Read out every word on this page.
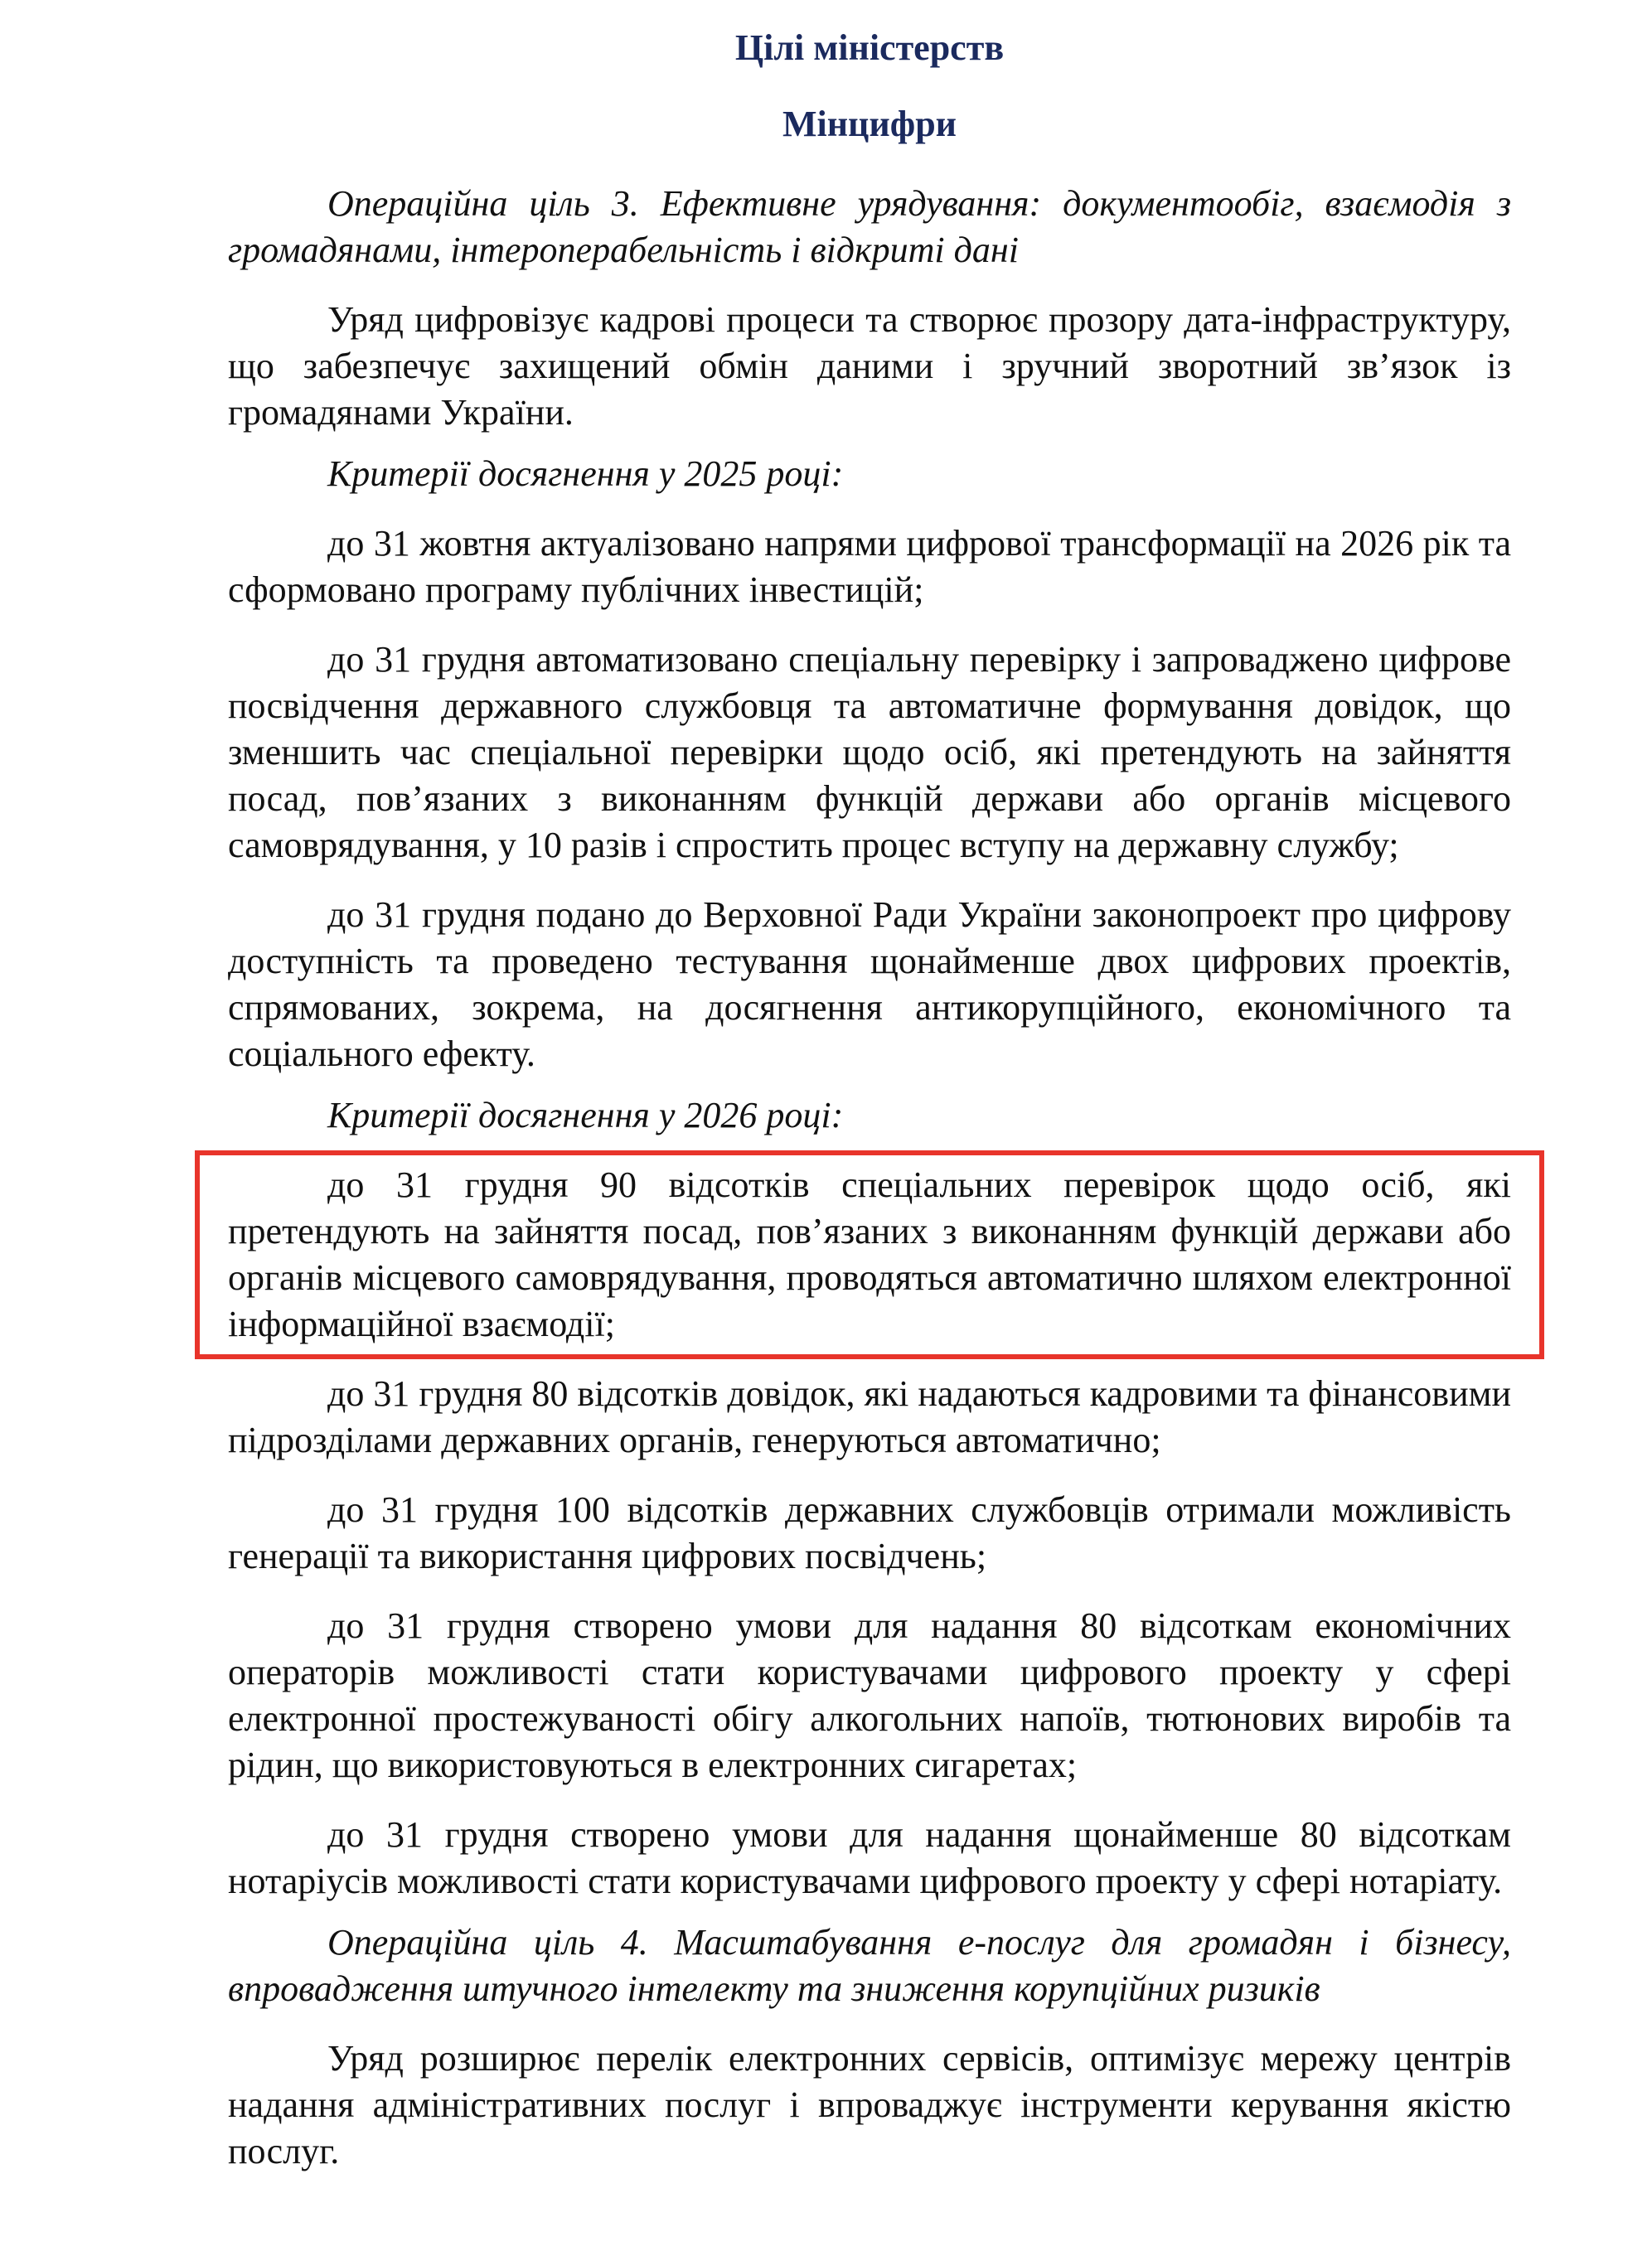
Цілі міністерств

Мінцифри

Операційна ціль 3. Ефективне урядування: документообіг, взаємодія з громадянами, інтероперабельність і відкриті дані

Уряд цифровізує кадрові процеси та створює прозору дата-інфраструктуру, що забезпечує захищений обмін даними і зручний зворотний зв’язок із громадянами України.

Критерії досягнення у 2025 році:

до 31 жовтня актуалізовано напрями цифрової трансформації на 2026 рік та сформовано програму публічних інвестицій;

до 31 грудня автоматизовано спеціальну перевірку і запроваджено цифрове посвідчення державного службовця та автоматичне формування довідок, що зменшить час спеціальної перевірки щодо осіб, які претендують на зайняття посад, пов’язаних з виконанням функцій держави або органів місцевого самоврядування, у 10 разів і спростить процес вступу на державну службу;

до 31 грудня подано до Верховної Ради України законопроект про цифрову доступність та проведено тестування щонайменше двох цифрових проектів, спрямованих, зокрема, на досягнення антикорупційного, економічного та соціального ефекту.

Критерії досягнення у 2026 році:

до 31 грудня 90 відсотків спеціальних перевірок щодо осіб, які претендують на зайняття посад, пов’язаних з виконанням функцій держави або органів місцевого самоврядування, проводяться автоматично шляхом електронної інформаційної взаємодії;

до 31 грудня 80 відсотків довідок, які надаються кадровими та фінансовими підрозділами державних органів, генеруються автоматично;

до 31 грудня 100 відсотків державних службовців отримали можливість генерації та використання цифрових посвідчень;

до 31 грудня створено умови для надання 80 відсоткам економічних операторів можливості стати користувачами цифрового проекту у сфері електронної простежуваності обігу алкогольних напоїв, тютюнових виробів та рідин, що використовуються в електронних сигаретах;

до 31 грудня створено умови для надання щонайменше 80 відсоткам нотаріусів можливості стати користувачами цифрового проекту у сфері нотаріату.

Операційна ціль 4. Масштабування е-послуг для громадян і бізнесу, впровадження штучного інтелекту та зниження корупційних ризиків

Уряд розширює перелік електронних сервісів, оптимізує мережу центрів надання адміністративних послуг і впроваджує інструменти керування якістю послуг.
